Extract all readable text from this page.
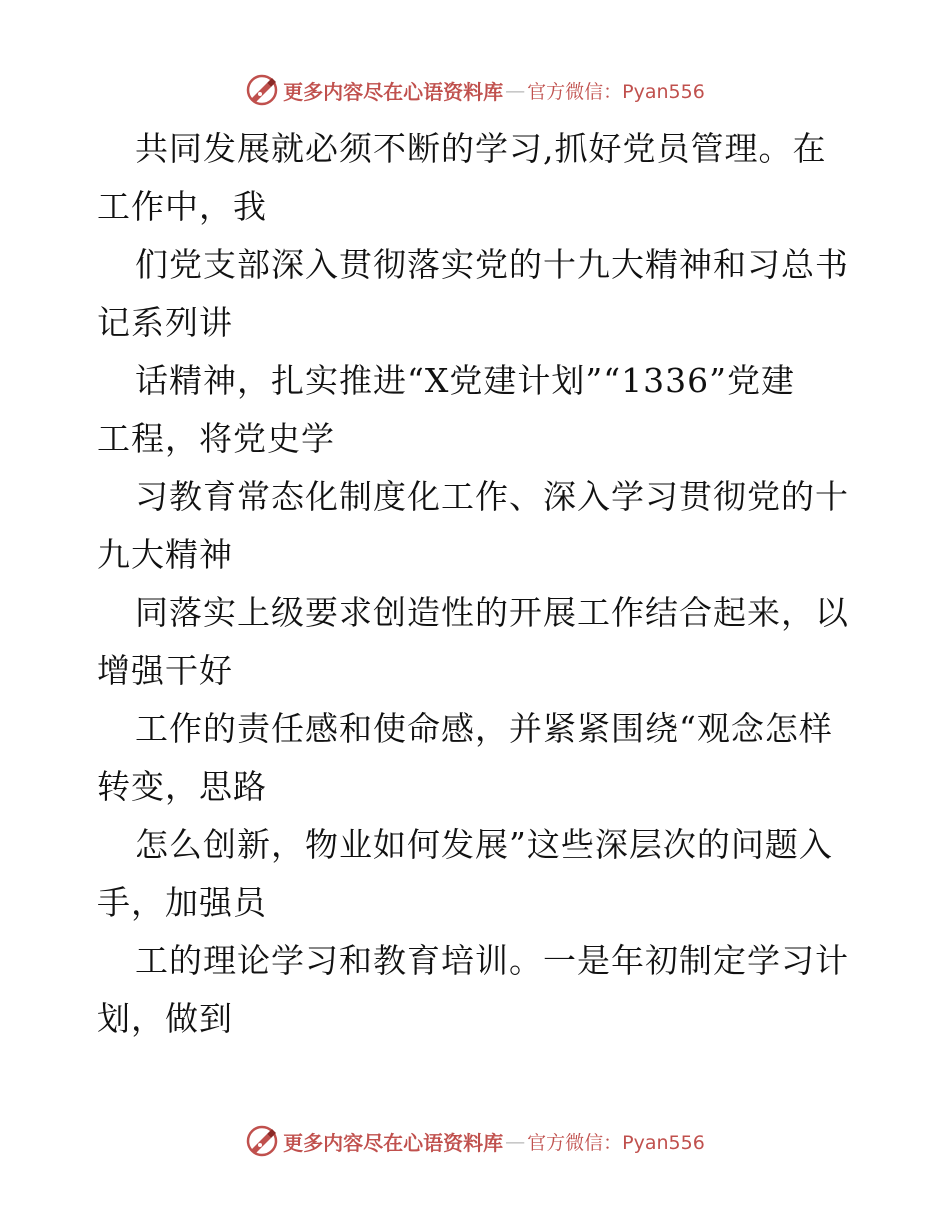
更多内容尽在心语资料库 — 官方微信：Pyan556
共同发展就必须不断的学习,抓好党员管理。在
工作中，我
们党支部深入贯彻落实党的十九大精神和习总书
记系列讲
话精神，扎实推进“X党建计划”“1336”党建
工程，将党史学
习教育常态化制度化工作、深入学习贯彻党的十
九大精神
同落实上级要求创造性的开展工作结合起来，以
增强干好
工作的责任感和使命感，并紧紧围绕“观念怎样
转变，思路
怎么创新，物业如何发展”这些深层次的问题入
手，加强员
工的理论学习和教育培训。一是年初制定学习计
划，做到
更多内容尽在心语资料库 — 官方微信：Pyan556
